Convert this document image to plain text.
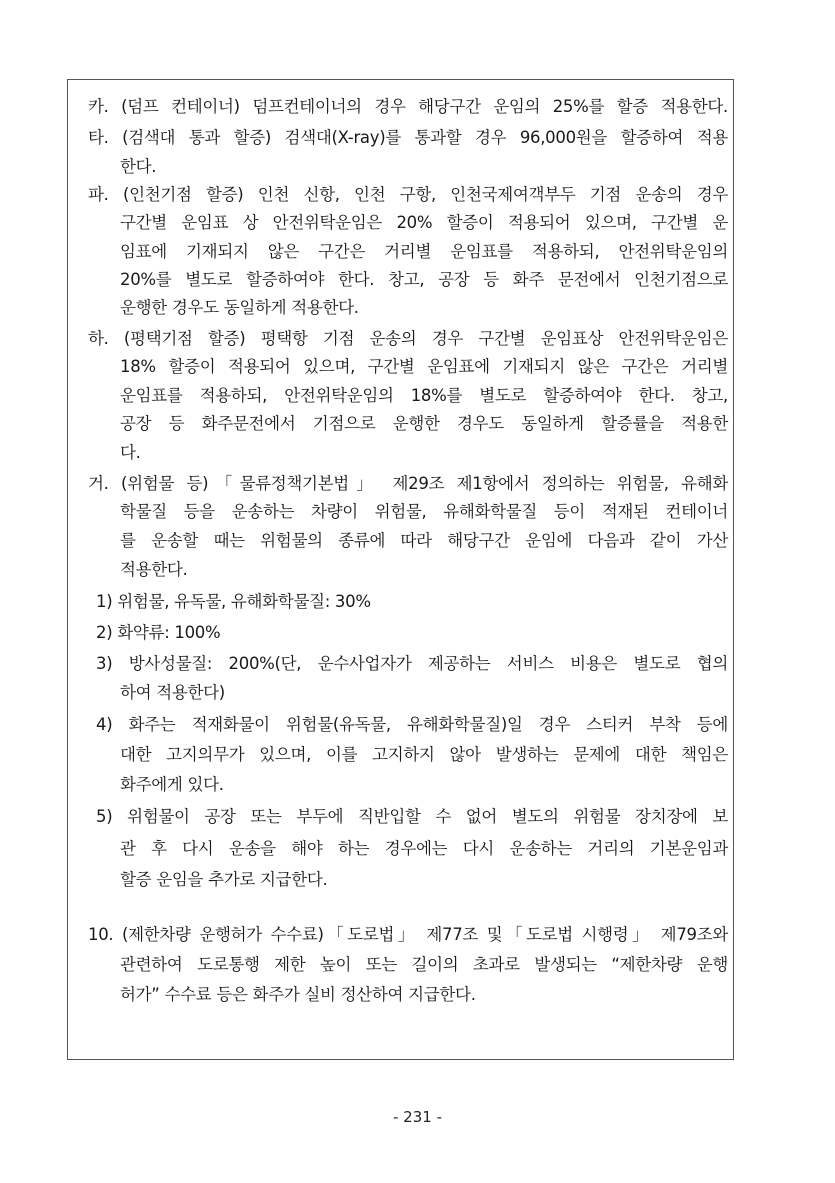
카. (덤프 컨테이너) 덤프컨테이너의 경우 해당구간 운임의 25%를 할증 적용한다.
타. (검색대 통과 할증) 검색대(X-ray)를 통과할 경우 96,000원을 할증하여 적용
한다.
파. (인천기점 할증) 인천 신항, 인천 구항, 인천국제여객부두 기점 운송의 경우
구간별 운임표 상 안전위탁운임은 20% 할증이 적용되어 있으며, 구간별 운
임표에 기재되지 않은 구간은 거리별 운임표를 적용하되, 안전위탁운임의
20%를 별도로 할증하여야 한다. 창고, 공장 등 화주 문전에서 인천기점으로
운행한 경우도 동일하게 적용한다.
하. (평택기점 할증) 평택항 기점 운송의 경우 구간별 운임표상 안전위탁운임은
18% 할증이 적용되어 있으며, 구간별 운임표에 기재되지 않은 구간은 거리별
운임표를 적용하되, 안전위탁운임의 18%를 별도로 할증하여야 한다. 창고,
공장 등 화주문전에서 기점으로 운행한 경우도 동일하게 할증률을 적용한
다.
거. (위험물 등)「물류정책기본법」 제29조 제1항에서 정의하는 위험물, 유해화
학물질 등을 운송하는 차량이 위험물, 유해화학물질 등이 적재된 컨테이너
를 운송할 때는 위험물의 종류에 따라 해당구간 운임에 다음과 같이 가산
적용한다.
1) 위험물, 유독물, 유해화학물질: 30%
2) 화약류: 100%
3) 방사성물질: 200%(단, 운수사업자가 제공하는 서비스 비용은 별도로 협의
하여 적용한다)
4) 화주는 적재화물이 위험물(유독물, 유해화학물질)일 경우 스티커 부착 등에
대한 고지의무가 있으며, 이를 고지하지 않아 발생하는 문제에 대한 책임은
화주에게 있다.
5) 위험물이 공장 또는 부두에 직반입할 수 없어 별도의 위험물 장치장에 보
관 후 다시 운송을 해야 하는 경우에는 다시 운송하는 거리의 기본운임과
할증 운임을 추가로 지급한다.
10. (제한차량 운행허가 수수료)「도로법」 제77조 및「도로법 시행령」 제79조와
관련하여 도로통행 제한 높이 또는 길이의 초과로 발생되는 “제한차량 운행
허가” 수수료 등은 화주가 실비 정산하여 지급한다.
- 231 -
